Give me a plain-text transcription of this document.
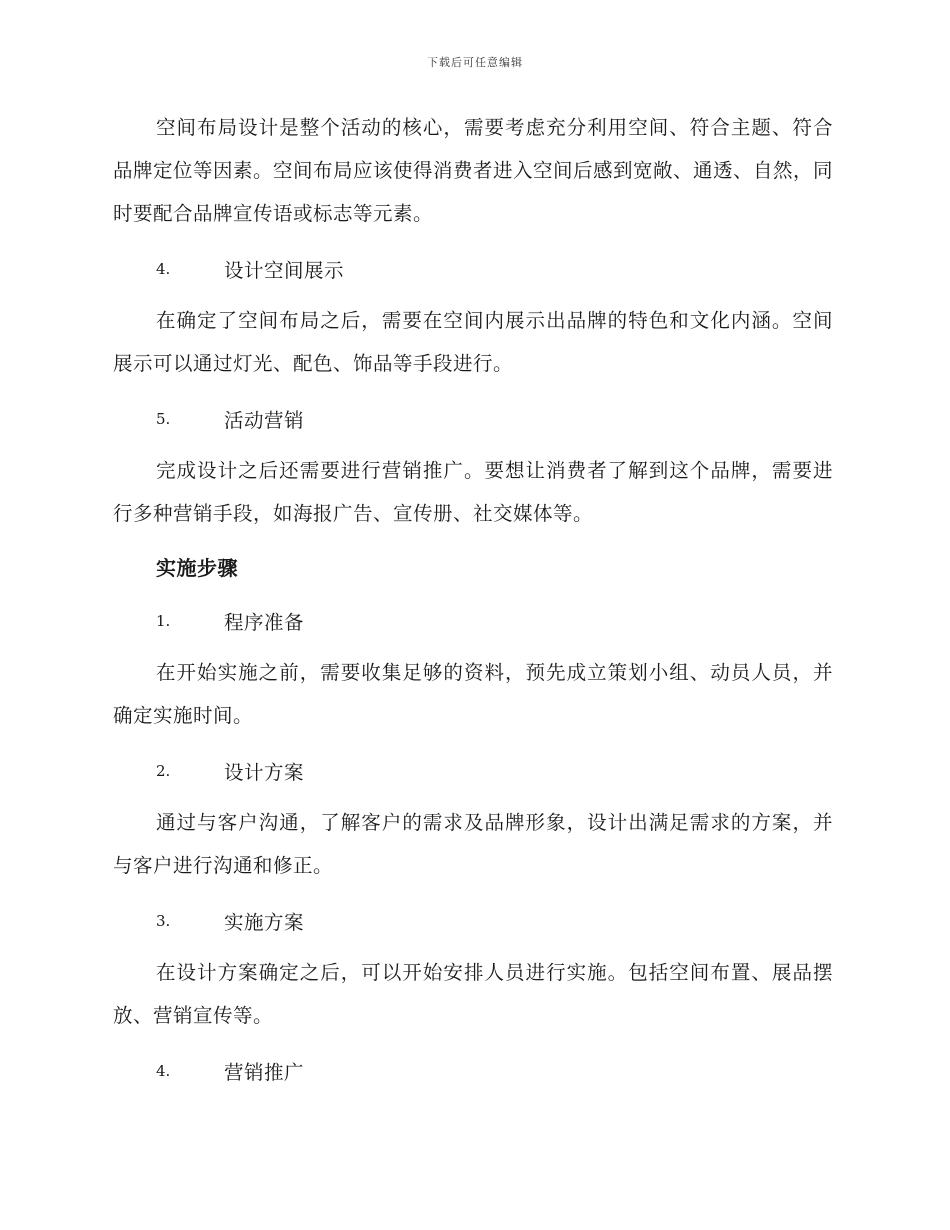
下载后可任意编辑

空间布局设计是整个活动的核心，需要考虑充分利用空间、符合主题、符合品牌定位等因素。空间布局应该使得消费者进入空间后感到宽敞、通透、自然，同时要配合品牌宣传语或标志等元素。

4.	设计空间展示

在确定了空间布局之后，需要在空间内展示出品牌的特色和文化内涵。空间展示可以通过灯光、配色、饰品等手段进行。

5.	活动营销

完成设计之后还需要进行营销推广。要想让消费者了解到这个品牌，需要进行多种营销手段，如海报广告、宣传册、社交媒体等。

实施步骤
1.	程序准备

在开始实施之前，需要收集足够的资料，预先成立策划小组、动员人员，并确定实施时间。

2.	设计方案

通过与客户沟通，了解客户的需求及品牌形象，设计出满足需求的方案，并与客户进行沟通和修正。

3.	实施方案

在设计方案确定之后，可以开始安排人员进行实施。包括空间布置、展品摆放、营销宣传等。

4.	营销推广
